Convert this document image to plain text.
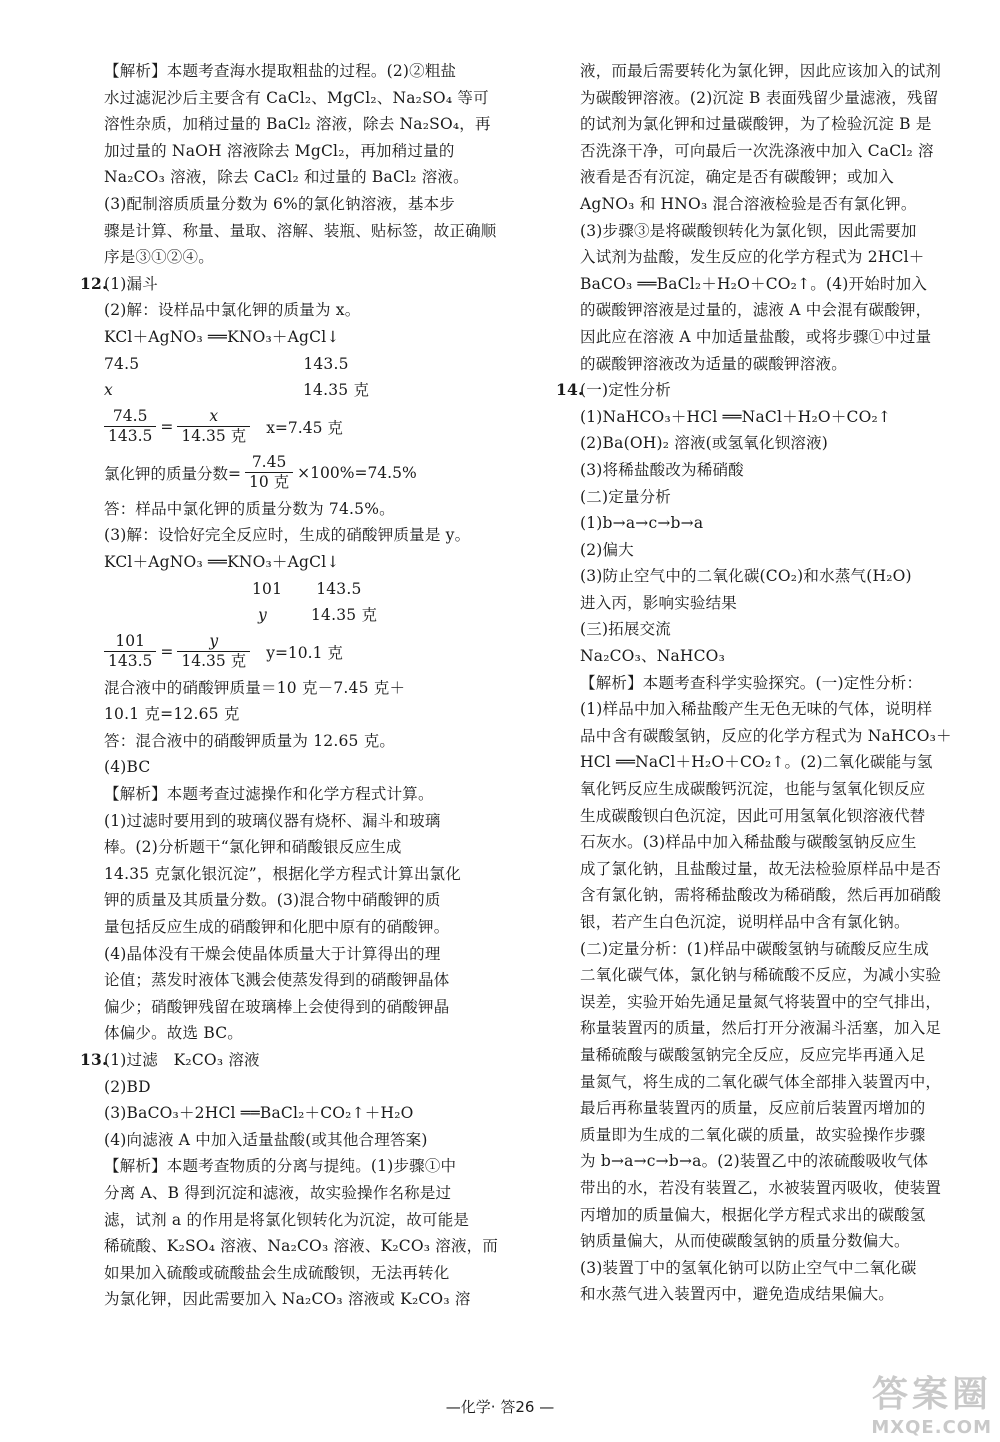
【解析】本题考查海水提取粗盐的过程。(2)②粗盐
水过滤泥沙后主要含有 CaCl₂、MgCl₂、Na₂SO₄ 等可
溶性杂质，加稍过量的 BaCl₂ 溶液，除去 Na₂SO₄，再
加过量的 NaOH 溶液除去 MgCl₂，再加稍过量的
Na₂CO₃ 溶液，除去 CaCl₂ 和过量的 BaCl₂ 溶液。
(3)配制溶质质量分数为 6%的氯化钠溶液，基本步
骤是计算、称量、量取、溶解、装瓶、贴标签，故正确顺
序是③①②④。
12.(1)漏斗
(2)解：设样品中氯化钾的质量为 x。
KCl＋AgNO₃ ══KNO₃＋AgCl↓
74.5	143.5
x	14.35 克
$\frac{74.5}{143.5} = \frac{x}{\text{14.35 克}} x=7.45$ 克
氯化钾的质量分数= $\frac{7.45}{\text{10 克}} \times 100\%=74.5\%$
答：样品中氯化钾的质量分数为 74.5%。
(3)解：设恰好完全反应时，生成的硝酸钾质量是 y。
KCl＋AgNO₃ ══KNO₃＋AgCl↓
101 143.5
y	14.35 克
$\frac{101}{143.5} = \frac{y}{\text{14.35 克}} y=10.1$ 克
混合液中的硝酸钾质量＝10 克－7.45 克＋
10.1 克=12.65 克
答：混合液中的硝酸钾质量为 12.65 克。
(4)BC
【解析】本题考查过滤操作和化学方程式计算。
(1)过滤时要用到的玻璃仪器有烧杯、漏斗和玻璃
棒。(2)分析题干“氯化钾和硝酸银反应生成
14.35 克氯化银沉淀”，根据化学方程式计算出氯化
钾的质量及其质量分数。(3)混合物中硝酸钾的质
量包括反应生成的硝酸钾和化肥中原有的硝酸钾。
(4)晶体没有干燥会使晶体质量大于计算得出的理
论值；蒸发时液体飞溅会使蒸发得到的硝酸钾晶体
偏少；硝酸钾残留在玻璃棒上会使得到的硝酸钾晶
体偏少。故选 BC。
13.(1)过滤　K₂CO₃ 溶液
(2)BD
(3)BaCO₃＋2HCl ══BaCl₂＋CO₂↑＋H₂O
(4)向滤液 A 中加入适量盐酸(或其他合理答案)
【解析】本题考查物质的分离与提纯。(1)步骤①中
分离 A、B 得到沉淀和滤液，故实验操作名称是过
滤，试剂 a 的作用是将氯化钡转化为沉淀，故可能是
稀硫酸、K₂SO₄ 溶液、Na₂CO₃ 溶液、K₂CO₃ 溶液，而
如果加入硫酸或硫酸盐会生成硫酸钡，无法再转化
为氯化钾，因此需要加入 Na₂CO₃ 溶液或 K₂CO₃ 溶
液，而最后需要转化为氯化钾，因此应该加入的试剂
为碳酸钾溶液。(2)沉淀 B 表面残留少量滤液，残留
的试剂为氯化钾和过量碳酸钾，为了检验沉淀 B 是
否洗涤干净，可向最后一次洗涤液中加入 CaCl₂ 溶
液看是否有沉淀，确定是否有碳酸钾；或加入
AgNO₃ 和 HNO₃ 混合溶液检验是否有氯化钾。
(3)步骤③是将碳酸钡转化为氯化钡，因此需要加
入试剂为盐酸，发生反应的化学方程式为 2HCl＋
BaCO₃ ══BaCl₂＋H₂O＋CO₂↑。(4)开始时加入
的碳酸钾溶液是过量的，滤液 A 中会混有碳酸钾，
因此应在溶液 A 中加适量盐酸，或将步骤①中过量
的碳酸钾溶液改为适量的碳酸钾溶液。
14.(一)定性分析
(1)NaHCO₃＋HCl ══NaCl＋H₂O＋CO₂↑
(2)Ba(OH)₂ 溶液(或氢氧化钡溶液)
(3)将稀盐酸改为稀硝酸
(二)定量分析
(1)b→a→c→b→a
(2)偏大
(3)防止空气中的二氧化碳(CO₂)和水蒸气(H₂O)
进入丙，影响实验结果
(三)拓展交流
Na₂CO₃、NaHCO₃
【解析】本题考查科学实验探究。(一)定性分析：
(1)样品中加入稀盐酸产生无色无味的气体，说明样
品中含有碳酸氢钠，反应的化学方程式为 NaHCO₃＋
HCl ══NaCl＋H₂O＋CO₂↑。(2)二氧化碳能与氢
氧化钙反应生成碳酸钙沉淀，也能与氢氧化钡反应
生成碳酸钡白色沉淀，因此可用氢氧化钡溶液代替
石灰水。(3)样品中加入稀盐酸与碳酸氢钠反应生
成了氯化钠，且盐酸过量，故无法检验原样品中是否
含有氯化钠，需将稀盐酸改为稀硝酸，然后再加硝酸
银，若产生白色沉淀，说明样品中含有氯化钠。
(二)定量分析：(1)样品中碳酸氢钠与硫酸反应生成
二氧化碳气体，氯化钠与稀硫酸不反应，为减小实验
误差，实验开始先通足量氮气将装置中的空气排出，
称量装置丙的质量，然后打开分液漏斗活塞，加入足
量稀硫酸与碳酸氢钠完全反应，反应完毕再通入足
量氮气，将生成的二氧化碳气体全部排入装置丙中，
最后再称量装置丙的质量，反应前后装置丙增加的
质量即为生成的二氧化碳的质量，故实验操作步骤
为 b→a→c→b→a。(2)装置乙中的浓硫酸吸收气体
带出的水，若没有装置乙，水被装置丙吸收，使装置
丙增加的质量偏大，根据化学方程式求出的碳酸氢
钠质量偏大，从而使碳酸氢钠的质量分数偏大。
(3)装置丁中的氢氧化钠可以防止空气中二氧化碳
和水蒸气进入装置丙中，避免造成结果偏大。
—化学· 答26 —	答案圈
MXQE.COM
